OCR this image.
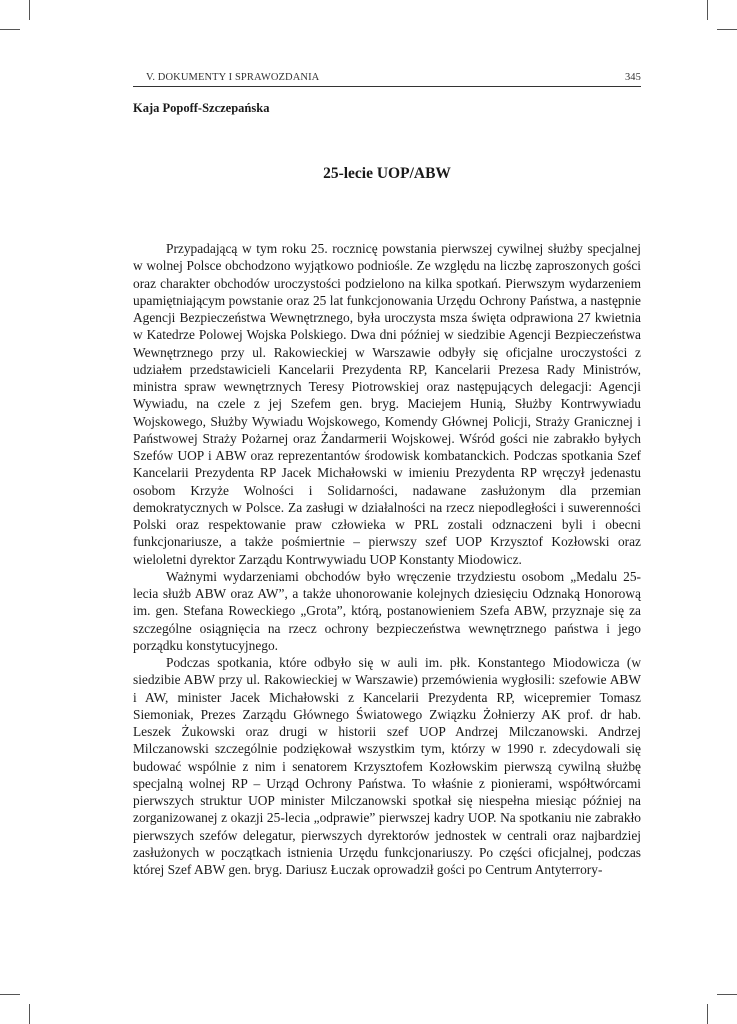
V. DOKUMENTY I SPRAWOZDANIA	345
Kaja Popoff-Szczepańska
25-lecie UOP/ABW

Przypadającą w tym roku 25. rocznicę powstania pierwszej cywilnej służby specjalnej w wolnej Polsce obchodzono wyjątkowo podniośle. Ze względu na liczbę zaproszonych gości oraz charakter obchodów uroczystości podzielono na kilka spotkań. Pierwszym wydarzeniem upamiętniającym powstanie oraz 25 lat funkcjonowania Urzędu Ochrony Państwa, a następnie Agencji Bezpieczeństwa Wewnętrznego, była uroczysta msza święta odprawiona 27 kwietnia w Katedrze Polowej Wojska Polskiego. Dwa dni później w siedzibie Agencji Bezpieczeństwa Wewnętrznego przy ul. Rakowieckiej w Warszawie odbyły się oficjalne uroczystości z udziałem przedstawicieli Kancelarii Prezydenta RP, Kancelarii Prezesa Rady Ministrów, ministra spraw wewnętrznych Teresy Piotrowskiej oraz następujących delegacji: Agencji Wywiadu, na czele z jej Szefem gen. bryg. Maciejem Hunią, Służby Kontrwywiadu Wojskowego, Służby Wywiadu Wojskowego, Komendy Głównej Policji, Straży Granicznej i Państwowej Straży Pożarnej oraz Żandarmerii Wojskowej. Wśród gości nie zabrakło byłych Szefów UOP i ABW oraz reprezentantów środowisk kombatanckich. Podczas spotkania Szef Kancelarii Prezydenta RP Jacek Michałowski w imieniu Prezydenta RP wręczył jedenastu osobom Krzyże Wolności i Solidarności, nadawane zasłużonym dla przemian demokratycznych w Polsce. Za zasługi w działalności na rzecz niepodległości i suwerenności Polski oraz respektowanie praw człowieka w PRL zostali odznaczeni byli i obecni funkcjonariusze, a także pośmiertnie – pierwszy szef UOP Krzysztof Kozłowski oraz wieloletni dyrektor Zarządu Kontrwywiadu UOP Konstanty Miodowicz.

Ważnymi wydarzeniami obchodów było wręczenie trzydziestu osobom „Medalu 25-lecia służb ABW oraz AW”, a także uhonorowanie kolejnych dziesięciu Odznaką Honorową im. gen. Stefana Roweckiego „Grota”, którą, postanowieniem Szefa ABW, przyznaje się za szczególne osiągnięcia na rzecz ochrony bezpieczeństwa wewnętrznego państwa i jego porządku konstytucyjnego.

Podczas spotkania, które odbyło się w auli im. płk. Konstantego Miodowicza (w siedzibie ABW przy ul. Rakowieckiej w Warszawie) przemówienia wygłosili: szefowie ABW i AW, minister Jacek Michałowski z Kancelarii Prezydenta RP, wicepremier Tomasz Siemoniak, Prezes Zarządu Głównego Światowego Związku Żołnierzy AK prof. dr hab. Leszek Żukowski oraz drugi w historii szef UOP Andrzej Milczanowski. Andrzej Milczanowski szczególnie podziękował wszystkim tym, którzy w 1990 r. zdecydowali się budować wspólnie z nim i senatorem Krzysztofem Kozłowskim pierwszą cywilną służbę specjalną wolnej RP – Urząd Ochrony Państwa. To właśnie z pionierami, współtwórcami pierwszych struktur UOP minister Milczanowski spotkał się niespełna miesiąc później na zorganizowanej z okazji 25-lecia „odprawie” pierwszej kadry UOP. Na spotkaniu nie zabrakło pierwszych szefów delegatur, pierwszych dyrektorów jednostek w centrali oraz najbardziej zasłużonych w początkach istnienia Urzędu funkcjonariuszy. Po części oficjalnej, podczas której Szef ABW gen. bryg. Dariusz Łuczak oprowadził gości po Centrum Antyterrory-
